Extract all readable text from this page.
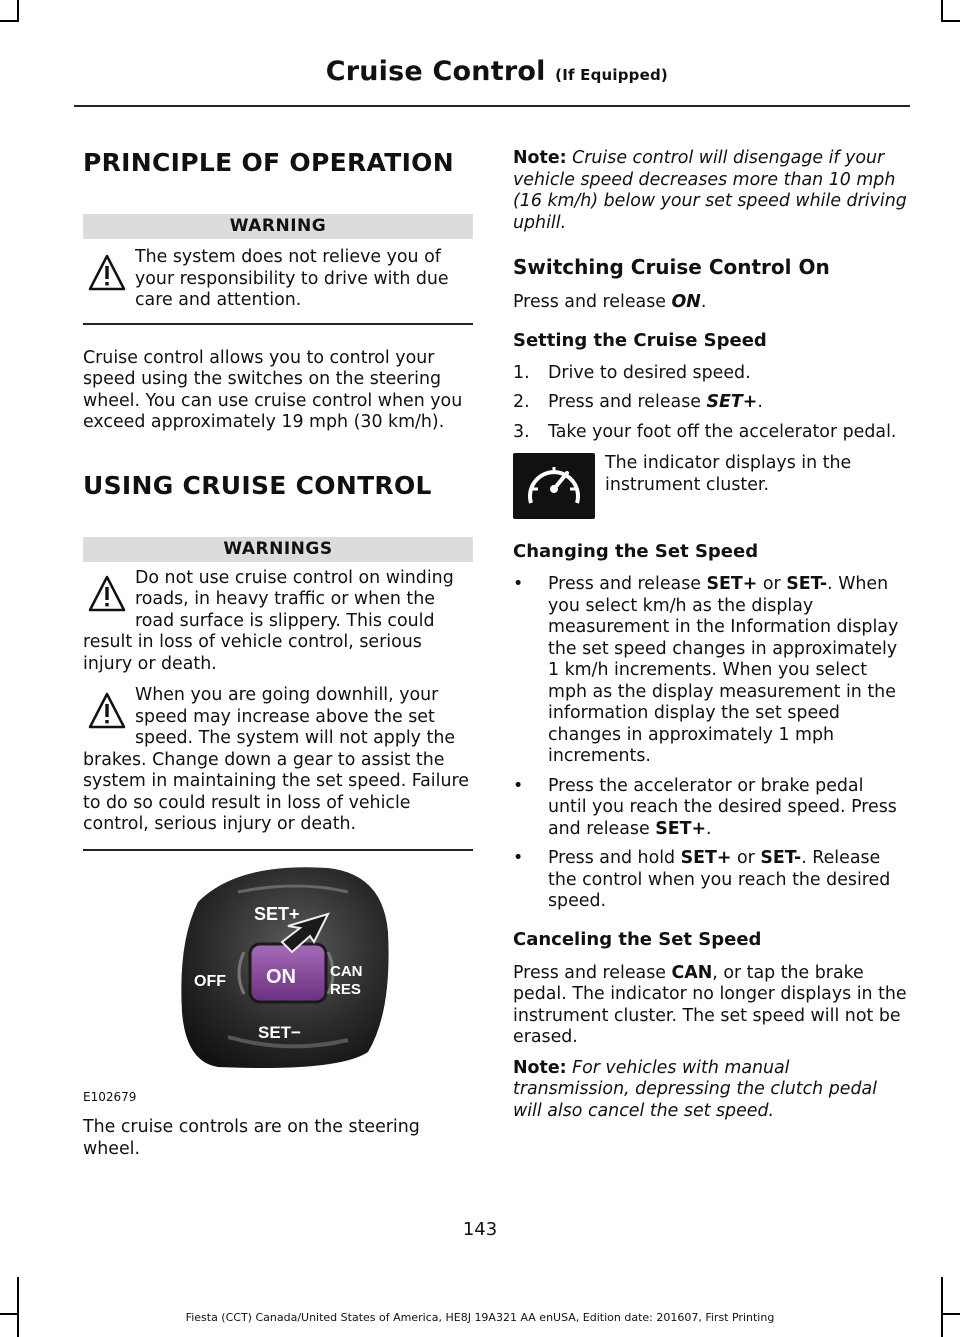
Cruise Control (If Equipped)
PRINCIPLE OF OPERATION
WARNING

The system does not relieve you of your responsibility to drive with due care and attention.

Cruise control allows you to control your speed using the switches on the steering wheel. You can use cruise control when you exceed approximately 19 mph (30 km/h).

USING CRUISE CONTROL
WARNINGS

Do not use cruise control on winding roads, in heavy traffic or when the road surface is slippery. This could result in loss of vehicle control, serious injury or death.

When you are going downhill, your speed may increase above the set speed. The system will not apply the brakes. Change down a gear to assist the system in maintaining the set speed. Failure to do so could result in loss of vehicle control, serious injury or death.

SET+
ON
OFF
CAN
RES
SET−
E102679

The cruise controls are on the steering wheel.

Note: Cruise control will disengage if your vehicle speed decreases more than 10 mph (16 km/h) below your set speed while driving uphill.

Switching Cruise Control On

Press and release ON.

Setting the Cruise Speed
1. Drive to desired speed.
2. Press and release SET+.
3. Take your foot off the accelerator pedal.

The indicator displays in the instrument cluster.

Changing the Set Speed
• Press and release SET+ or SET-. When you select km/h as the display measurement in the Information display the set speed changes in approximately 1 km/h increments. When you select mph as the display measurement in the information display the set speed changes in approximately 1 mph increments.
• Press the accelerator or brake pedal until you reach the desired speed. Press and release SET+.
• Press and hold SET+ or SET-. Release the control when you reach the desired speed.
Canceling the Set Speed

Press and release CAN, or tap the brake pedal. The indicator no longer displays in the instrument cluster. The set speed will not be erased.

Note: For vehicles with manual transmission, depressing the clutch pedal will also cancel the set speed.

143
Fiesta (CCT) Canada/United States of America, HE8J 19A321 AA enUSA, Edition date: 201607, First Printing
